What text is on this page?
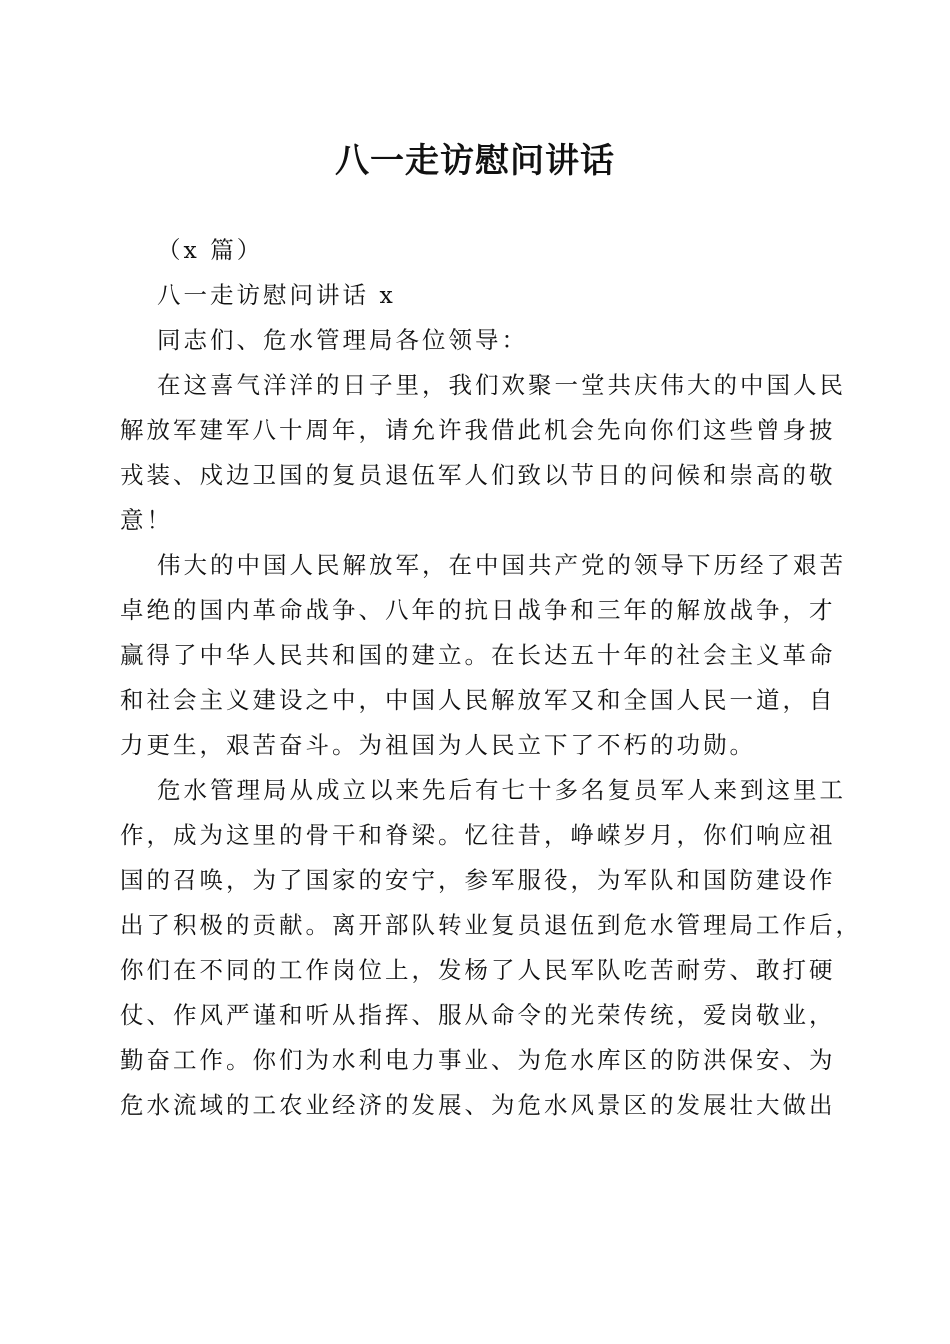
八一走访慰问讲话

（x 篇）

八一走访慰问讲话 x

同志们、危水管理局各位领导：

在这喜气洋洋的日子里，我们欢聚一堂共庆伟大的中国人民
解放军建军八十周年，请允许我借此机会先向你们这些曾身披
戎装、戍边卫国的复员退伍军人们致以节日的问候和崇高的敬
意！

伟大的中国人民解放军，在中国共产党的领导下历经了艰苦
卓绝的国内革命战争、八年的抗日战争和三年的解放战争，才
赢得了中华人民共和国的建立。在长达五十年的社会主义革命
和社会主义建设之中，中国人民解放军又和全国人民一道，自
力更生，艰苦奋斗。为祖国为人民立下了不朽的功勋。

危水管理局从成立以来先后有七十多名复员军人来到这里工
作，成为这里的骨干和脊梁。忆往昔，峥嵘岁月，你们响应祖
国的召唤，为了国家的安宁，参军服役，为军队和国防建设作
出了积极的贡献。离开部队转业复员退伍到危水管理局工作后，
你们在不同的工作岗位上，发杨了人民军队吃苦耐劳、敢打硬
仗、作风严谨和听从指挥、服从命令的光荣传统，爱岗敬业，
勤奋工作。你们为水利电力事业、为危水库区的防洪保安、为
危水流域的工农业经济的发展、为危水风景区的发展壮大做出
